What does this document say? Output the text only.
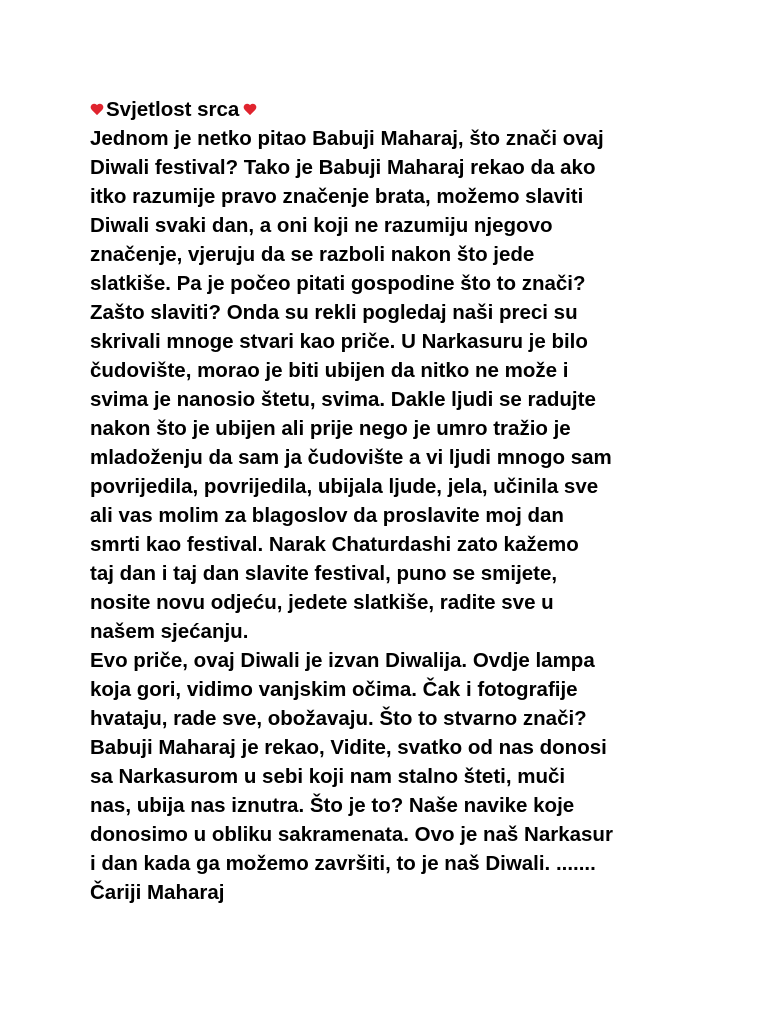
Svjetlost srca
Jednom je netko pitao Babuji Maharaj, što znači ovaj
Diwali festival? Tako je Babuji Maharaj rekao da ako
itko razumije pravo značenje brata, možemo slaviti
Diwali svaki dan, a oni koji ne razumiju njegovo
značenje, vjeruju da se razboli nakon što jede
slatkiše. Pa je počeo pitati gospodine što to znači?
Zašto slaviti? Onda su rekli pogledaj naši preci su
skrivali mnoge stvari kao priče. U Narkasuru je bilo
čudovište, morao je biti ubijen da nitko ne može i
svima je nanosio štetu, svima. Dakle ljudi se radujte
nakon što je ubijen ali prije nego je umro tražio je
mladoženju da sam ja čudovište a vi ljudi mnogo sam
povrijedila, povrijedila, ubijala ljude, jela, učinila sve
ali vas molim za blagoslov da proslavite moj dan
smrti kao festival. Narak Chaturdashi zato kažemo
taj dan i taj dan slavite festival, puno se smijete,
nosite novu odjeću, jedete slatkiše, radite sve u
našem sjećanju.
Evo priče, ovaj Diwali je izvan Diwalija. Ovdje lampa
koja gori, vidimo vanjskim očima. Čak i fotografije
hvataju, rade sve, obožavaju. Što to stvarno znači?
Babuji Maharaj je rekao, Vidite, svatko od nas donosi
sa Narkasurom u sebi koji nam stalno šteti, muči
nas, ubija nas iznutra. Što je to? Naše navike koje
donosimo u obliku sakramenata. Ovo je naš Narkasur
i dan kada ga možemo završiti, to je naš Diwali. .......
Čariji Maharaj
